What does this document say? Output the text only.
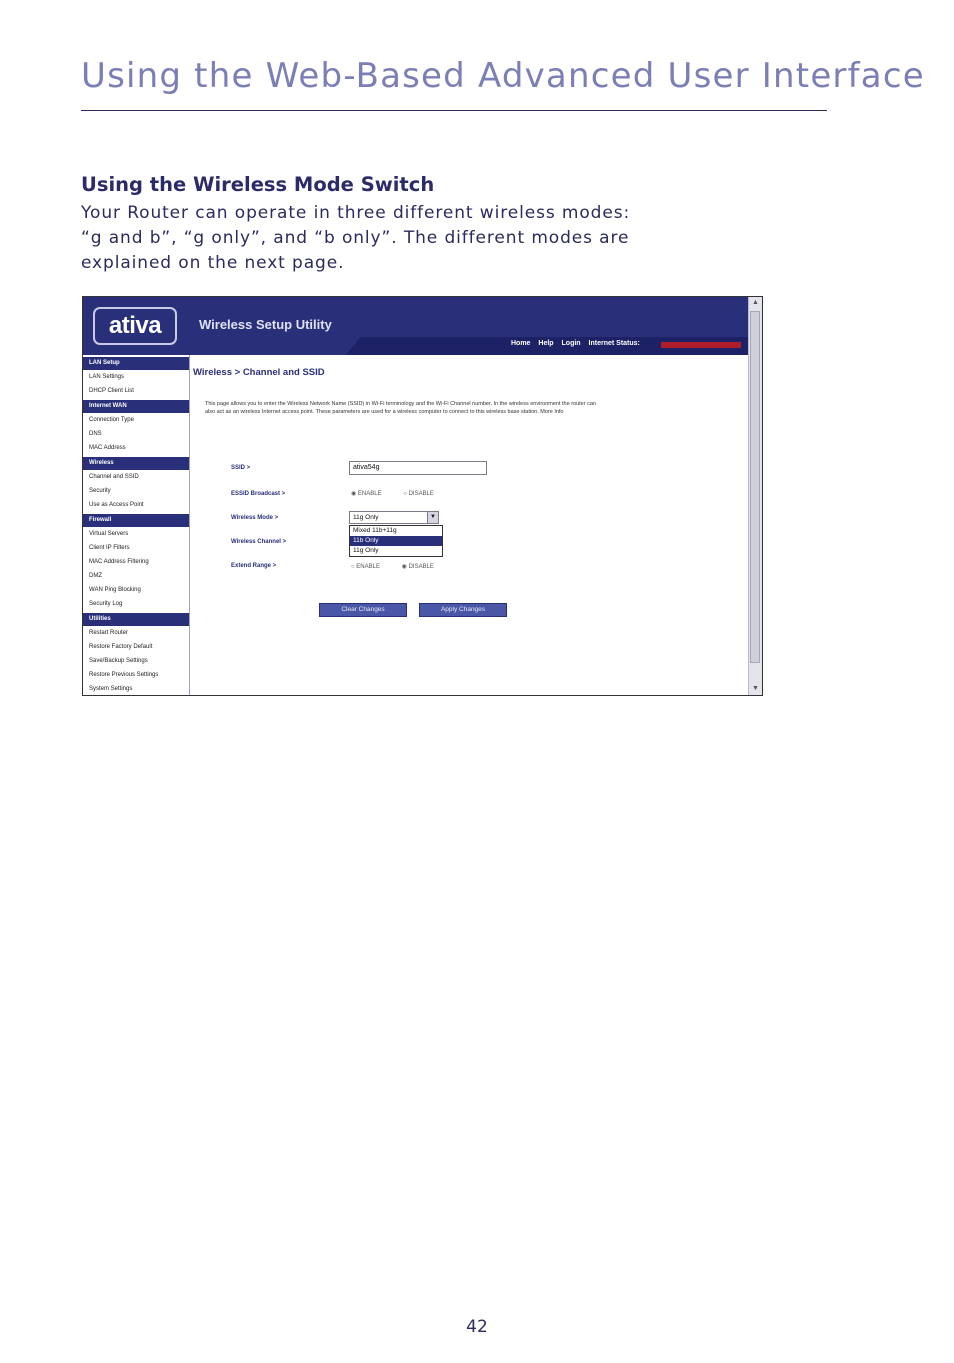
Using the Web-Based Advanced User Interface
Using the Wireless Mode Switch

Your Router can operate in three different wireless modes:
“g and b”, “g only”, and “b only”. The different modes are
explained on the next page.

ativa	Wireless Setup Utility
Home Help Login Internet Status:
▲
▼
LAN Setup
LAN Settings
DHCP Client List
Internet WAN
Connection Type
DNS
MAC Address
Wireless
Channel and SSID
Security
Use as Access Point
Firewall
Virtual Servers
Client IP Filters
MAC Address Filtering
DMZ
WAN Ping Blocking
Security Log
Utilities
Restart Router
Restore Factory Default
Save/Backup Settings
Restore Previous Settings
System Settings
Wireless > Channel and SSID
This page allows you to enter the Wireless Network Name (SSID) in Wi-Fi terminology and the Wi-Fi Channel number. In the wireless environment the router can also act as an wireless Internet access point. These parameters are used for a wireless computer to connect to this wireless base station. More Info
SSID >	ativa54g
ESSID Broadcast >	◉ ENABLE	○ DISABLE
Wireless Mode >	11g Only	▼
Mixed 11b+11g
11b Only
11g Only
Wireless Channel >
Extend Range >	○ ENABLE	◉ DISABLE
Clear Changes	Apply Changes
42
